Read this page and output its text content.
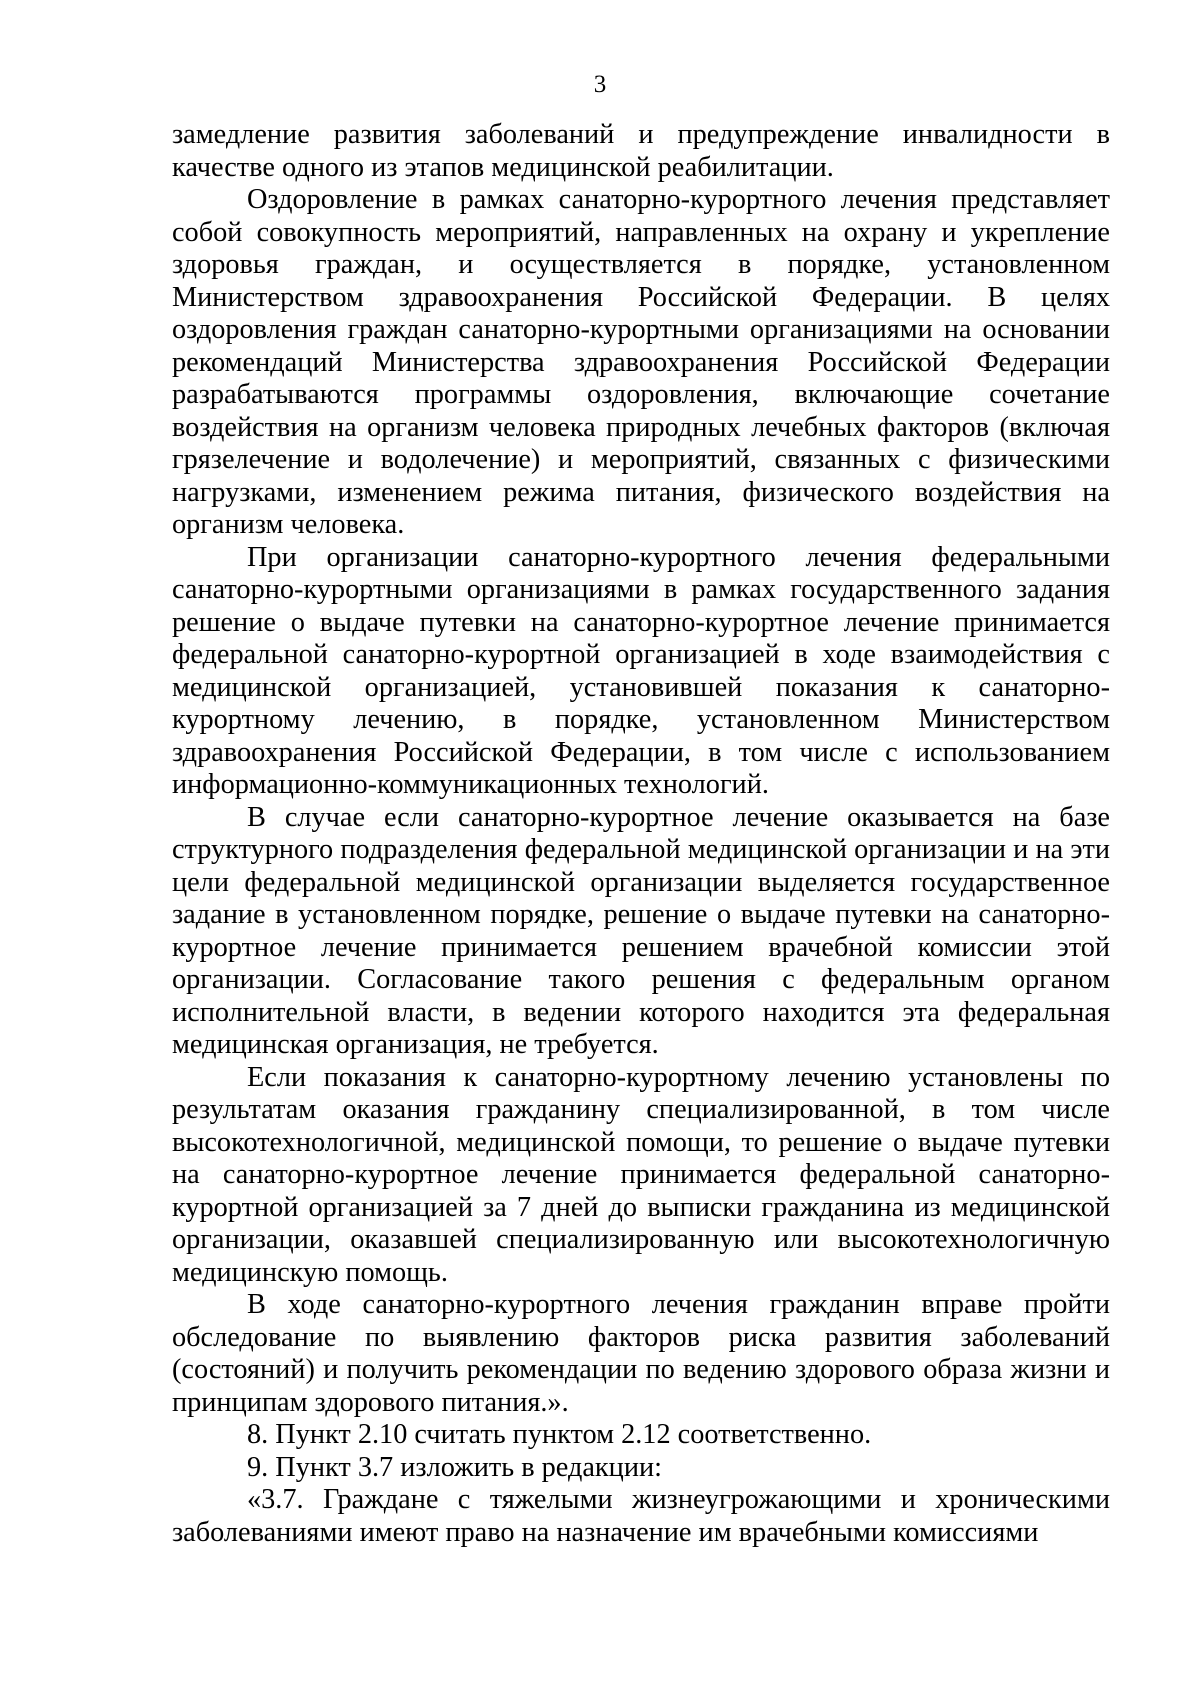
3

замедление развития заболеваний и предупреждение инвалидности в качестве одного из этапов медицинской реабилитации.

Оздоровление в рамках санаторно-курортного лечения представляет собой совокупность мероприятий, направленных на охрану и укрепление здоровья граждан, и осуществляется в порядке, установленном Министерством здравоохранения Российской Федерации. В целях оздоровления граждан санаторно-курортными организациями на основании рекомендаций Министерства здравоохранения Российской Федерации разрабатываются программы оздоровления, включающие сочетание воздействия на организм человека природных лечебных факторов (включая грязелечение и водолечение) и мероприятий, связанных с физическими нагрузками, изменением режима питания, физического воздействия на организм человека.

При организации санаторно-курортного лечения федеральными санаторно-курортными организациями в рамках государственного задания решение о выдаче путевки на санаторно-курортное лечение принимается федеральной санаторно-курортной организацией в ходе взаимодействия с медицинской организацией, установившей показания к санаторно-курортному лечению, в порядке, установленном Министерством здравоохранения Российской Федерации, в том числе с использованием информационно-коммуникационных технологий.

В случае если санаторно-курортное лечение оказывается на базе структурного подразделения федеральной медицинской организации и на эти цели федеральной медицинской организации выделяется государственное задание в установленном порядке, решение о выдаче путевки на санаторно-курортное лечение принимается решением врачебной комиссии этой организации. Согласование такого решения с федеральным органом исполнительной власти, в ведении которого находится эта федеральная медицинская организация, не требуется.

Если показания к санаторно-курортному лечению установлены по результатам оказания гражданину специализированной, в том числе высокотехнологичной, медицинской помощи, то решение о выдаче путевки на санаторно-курортное лечение принимается федеральной санаторно-курортной организацией за 7 дней до выписки гражданина из медицинской организации, оказавшей специализированную или высокотехнологичную медицинскую помощь.

В ходе санаторно-курортного лечения гражданин вправе пройти обследование по выявлению факторов риска развития заболеваний (состояний) и получить рекомендации по ведению здорового образа жизни и принципам здорового питания.».

8. Пункт 2.10 считать пунктом 2.12 соответственно.

9. Пункт 3.7 изложить в редакции:

«3.7. Граждане с тяжелыми жизнеугрожающими и хроническими заболеваниями имеют право на назначение им врачебными комиссиями
